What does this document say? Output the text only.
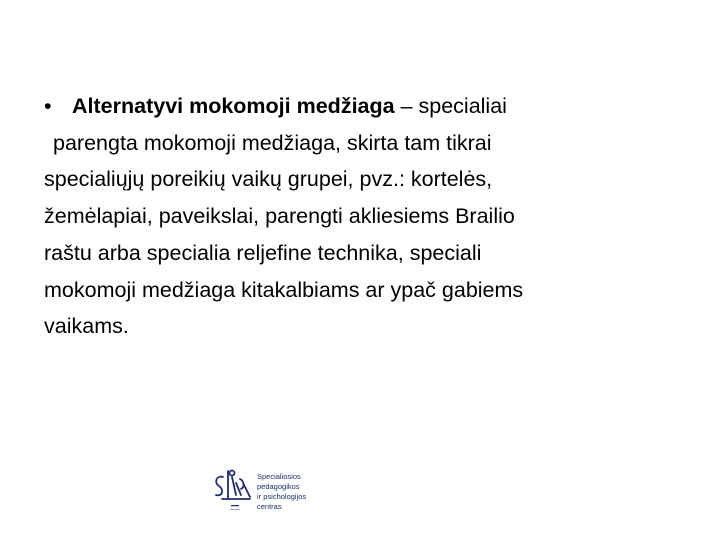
• Alternatyvi mokomoji medžiaga – specialiai
parengta mokomoji medžiaga, skirta tam tikrai
specialiųjų poreikių vaikų grupei, pvz.: kortelės,
žemėlapiai, paveikslai, parengti akliesiems Brailio
raštu arba specialia reljefine technika, speciali
mokomoji medžiaga kitakalbiams ar ypač gabiems
vaikams.
Specialiosios
pedagogikos
ir psichologijos
centras
